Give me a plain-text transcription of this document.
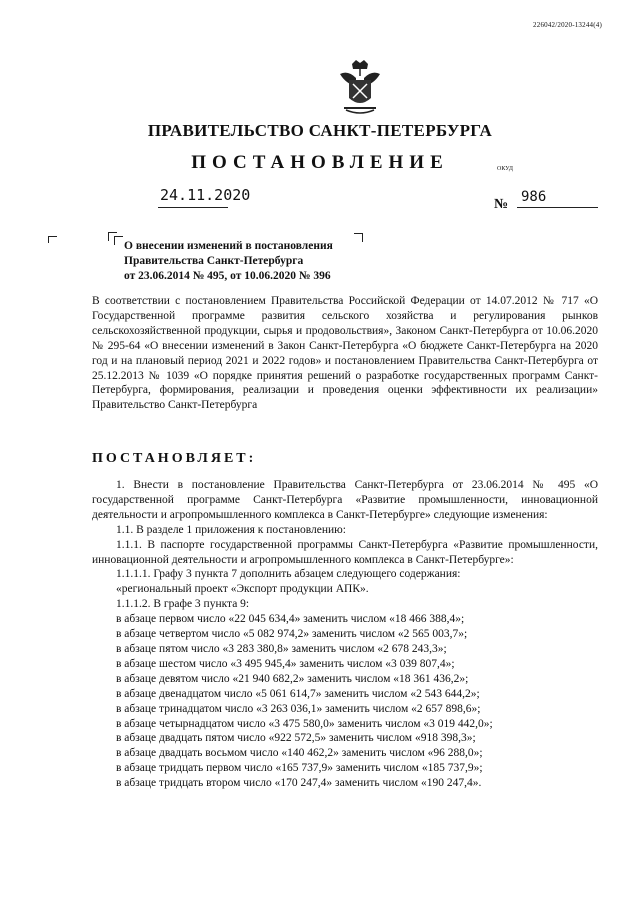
226042/2020-13244(4)
ПРАВИТЕЛЬСТВО САНКТ-ПЕТЕРБУРГА
ПОСТАНОВЛЕНИЕ	ОКУД
24.11.2020
№ 986
О внесении изменений в постановления
Правительства Санкт-Петербурга
от 23.06.2014 № 495, от 10.06.2020 № 396
В соответствии с постановлением Правительства Российской Федерации от 14.07.2012 № 717 «О Государственной программе развития сельского хозяйства и регулирования рынков сельскохозяйственной продукции, сырья и продовольствия», Законом Санкт-Петербурга от 10.06.2020 № 295-64 «О внесении изменений в Закон Санкт-Петербурга «О бюджете Санкт-Петербурга на 2020 год и на плановый период 2021 и 2022 годов» и постановлением Правительства Санкт-Петербурга от 25.12.2013 № 1039 «О порядке принятия решений о разработке государственных программ Санкт-Петербурга, формирования, реализации и проведения оценки эффективности их реализации» Правительство Санкт-Петербурга
ПОСТАНОВЛЯЕТ:

1. Внести в постановление Правительства Санкт-Петербурга от 23.06.2014 № 495 «О государственной программе Санкт-Петербурга «Развитие промышленности, инновационной деятельности и агропромышленного комплекса в Санкт-Петербурге» следующие изменения:

1.1. В разделе 1 приложения к постановлению:

1.1.1. В паспорте государственной программы Санкт-Петербурга «Развитие промышленности, инновационной деятельности и агропромышленного комплекса в Санкт-Петербурге»:

1.1.1.1. Графу 3 пункта 7 дополнить абзацем следующего содержания:

«региональный проект «Экспорт продукции АПК».

1.1.1.2. В графе 3 пункта 9:

в абзаце первом число «22 045 634,4» заменить числом «18 466 388,4»;

в абзаце четвертом число «5 082 974,2» заменить числом «2 565 003,7»;

в абзаце пятом число «3 283 380,8» заменить числом «2 678 243,3»;

в абзаце шестом число «3 495 945,4» заменить числом «3 039 807,4»;

в абзаце девятом число «21 940 682,2» заменить числом «18 361 436,2»;

в абзаце двенадцатом число «5 061 614,7» заменить числом «2 543 644,2»;

в абзаце тринадцатом число «3 263 036,1» заменить числом «2 657 898,6»;

в абзаце четырнадцатом число «3 475 580,0» заменить числом «3 019 442,0»;

в абзаце двадцать пятом число «922 572,5» заменить числом «918 398,3»;

в абзаце двадцать восьмом число «140 462,2» заменить числом «96 288,0»;

в абзаце тридцать первом число «165 737,9» заменить числом «185 737,9»;

в абзаце тридцать втором число «170 247,4» заменить числом «190 247,4».
